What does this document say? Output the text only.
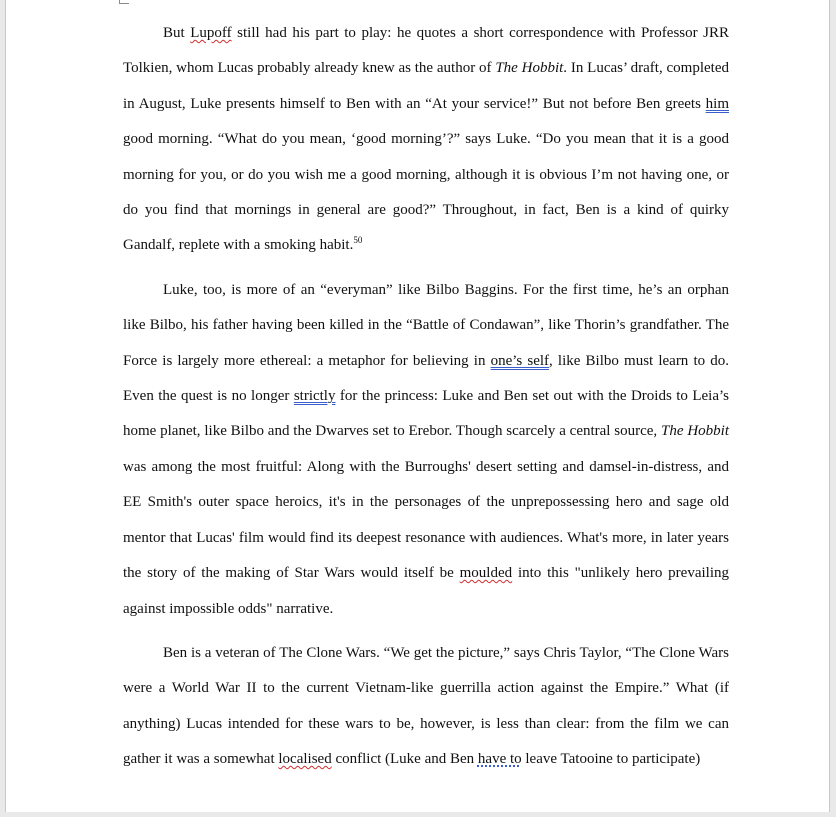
But Lupoff still had his part to play: he quotes a short correspondence with Professor JRR Tolkien, whom Lucas probably already knew as the author of The Hobbit. In Lucas’ draft, completed in August, Luke presents himself to Ben with an “At your service!” But not before Ben greets him good morning. “What do you mean, ‘good morning’?” says Luke. “Do you mean that it is a good morning for you, or do you wish me a good morning, although it is obvious I’m not having one, or do you find that mornings in general are good?” Throughout, in fact, Ben is a kind of quirky Gandalf, replete with a smoking habit.$^{50}$

Luke, too, is more of an “everyman” like Bilbo Baggins. For the first time, he’s an orphan like Bilbo, his father having been killed in the “Battle of Condawan”, like Thorin’s grandfather. The Force is largely more ethereal: a metaphor for believing in one’s self, like Bilbo must learn to do. Even the quest is no longer strictly for the princess: Luke and Ben set out with the Droids to Leia’s home planet, like Bilbo and the Dwarves set to Erebor. Though scarcely a central source, The Hobbit was among the most fruitful: Along with the Burroughs' desert setting and damsel-in-distress, and EE Smith's outer space heroics, it's in the personages of the unprepossessing hero and sage old mentor that Lucas' film would find its deepest resonance with audiences. What's more, in later years the story of the making of Star Wars would itself be moulded into this "unlikely hero prevailing against impossible odds" narrative.

Ben is a veteran of The Clone Wars. “We get the picture,” says Chris Taylor, “The Clone Wars were a World War II to the current Vietnam-like guerrilla action against the Empire.” What (if anything) Lucas intended for these wars to be, however, is less than clear: from the film we can gather it was a somewhat localised conflict (Luke and Ben have to leave Tatooine to participate)
